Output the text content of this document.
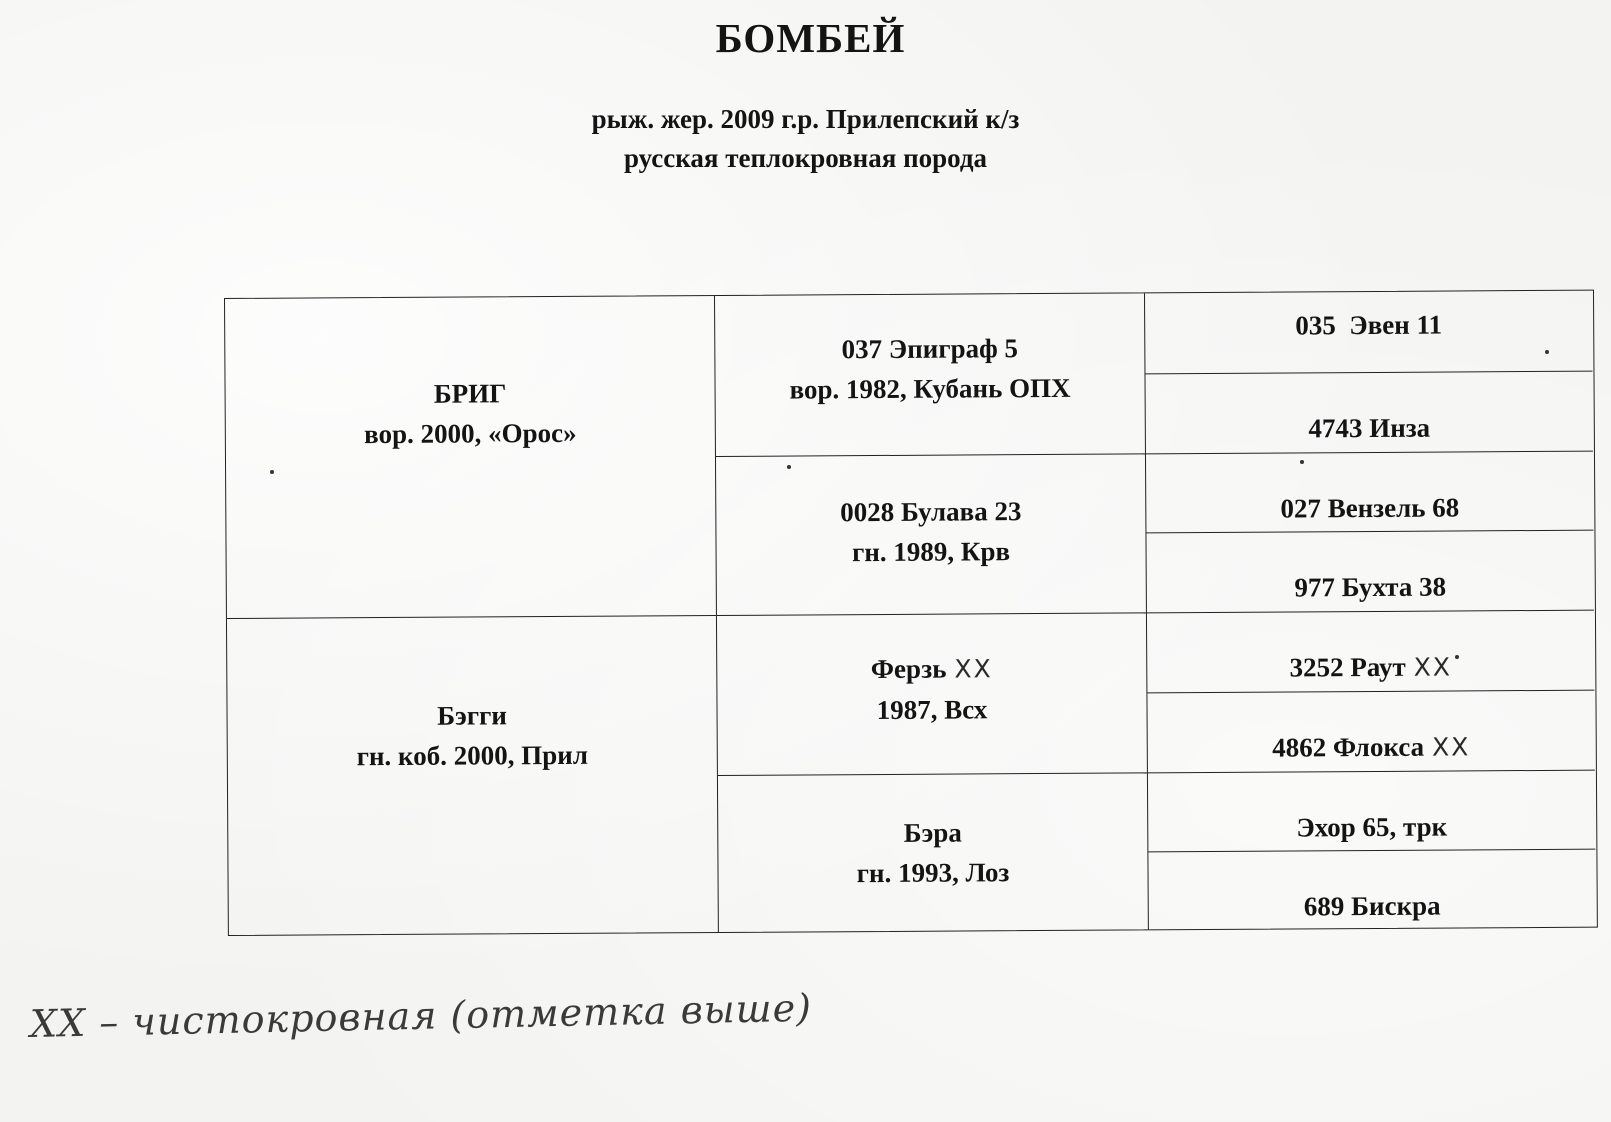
БОМБЕЙ
рыж. жер. 2009 г.р. Прилепский к/з
русская теплокровная порода
БРИГ
вор. 2000, «Орос»
Бэгги
гн. коб. 2000, Прил
037 Эпиграф 5
вор. 1982, Кубань ОПХ
0028 Булава 23
гн. 1989, Крв
Ферзь XX
1987, Всх
Бэра
гн. 1993, Лоз
035  Эвен 11
4743 Инза
027 Вензель 68
977 Бухта 38
3252 Раут XX
4862 Флокса XX
Эхор 65, трк
689 Бискра
XX – чистокровная (отметка выше)
